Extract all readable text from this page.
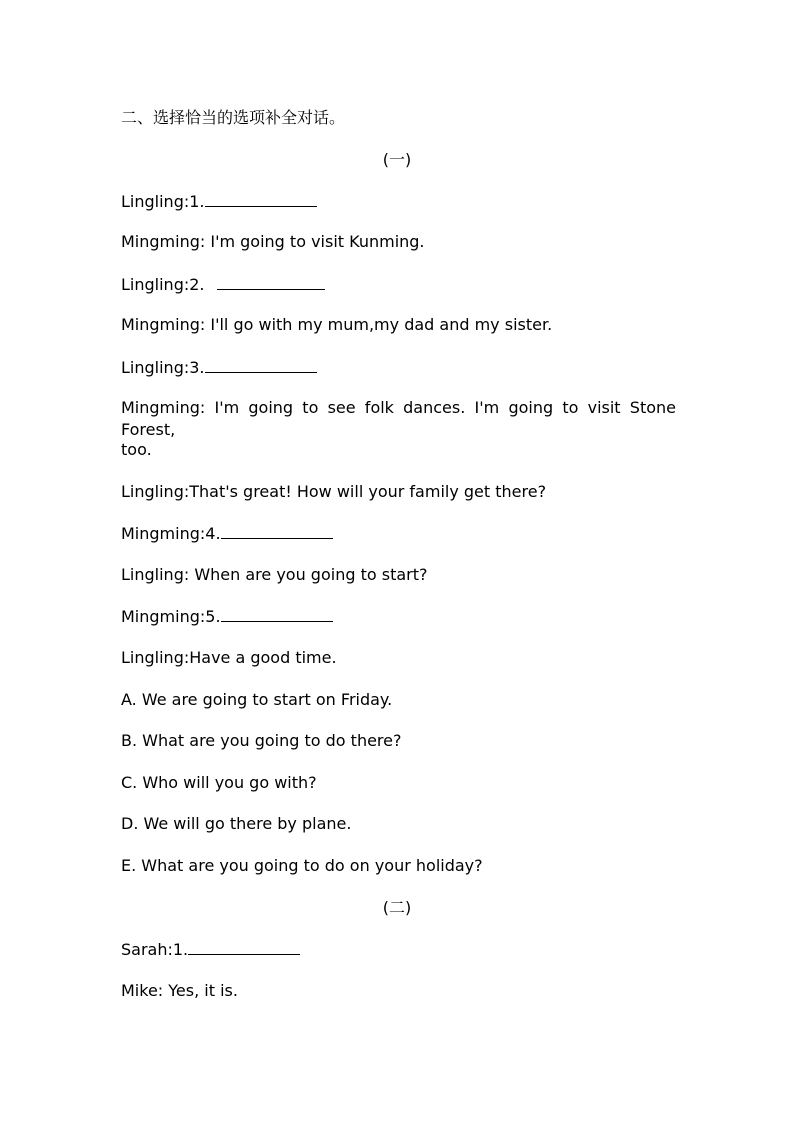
二、选择恰当的选项补全对话。
(一)
Lingling:1.
Mingming: I'm going to visit Kunming.
Lingling:2.
Mingming: I'll go with my mum,my dad and my sister.
Lingling:3.
Mingming: I'm going to see folk dances. I'm going to visit Stone Forest,
too.
Lingling:That's great! How will your family get there?
Mingming:4.
Lingling: When are you going to start?
Mingming:5.
Lingling:Have a good time.
A. We are going to start on Friday.
B. What are you going to do there?
C. Who will you go with?
D. We will go there by plane.
E. What are you going to do on your holiday?
(二)
Sarah:1.
Mike: Yes, it is.
